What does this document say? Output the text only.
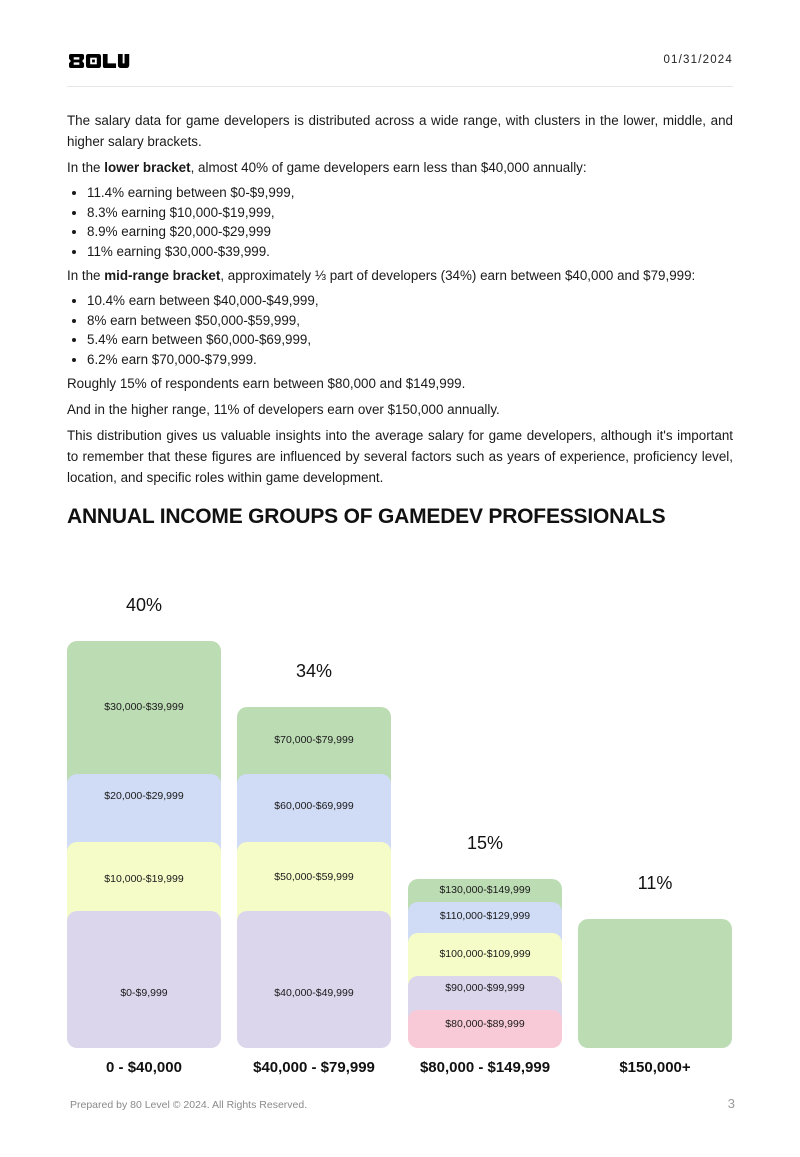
01/31/2024

The salary data for game developers is distributed across a wide range, with clusters in the lower, middle, and higher salary brackets.

In the lower bracket, almost 40% of game developers earn less than $40,000 annually:

• 11.4% earning between $0-$9,999,
• 8.3% earning $10,000-$19,999,
• 8.9% earning $20,000-$29,999
• 11% earning $30,000-$39,999.

In the mid-range bracket, approximately ⅓ part of developers (34%) earn between $40,000 and $79,999:

• 10.4% earn between $40,000-$49,999,
• 8% earn between $50,000-$59,999,
• 5.4% earn between $60,000-$69,999,
• 6.2% earn $70,000-$79,999.

Roughly 15% of respondents earn between $80,000 and $149,999.

And in the higher range, 11% of developers earn over $150,000 annually.

This distribution gives us valuable insights into the average salary for game developers, although it's important to remember that these figures are influenced by several factors such as years of experience, proficiency level, location, and specific roles within game development.

ANNUAL INCOME GROUPS OF GAMEDEV PROFESSIONALS
40%
$30,000-$39,999
$20,000-$29,999
$10,000-$19,999
$0-$9,999
0 - $40,000
34%
$70,000-$79,999
$60,000-$69,999
$50,000-$59,999
$40,000-$49,999
$40,000 - $79,999
15%
$130,000-$149,999
$110,000-$129,999
$100,000-$109,999
$90,000-$99,999
$80,000-$89,999
$80,000 - $149,999
11%
$150,000+
Prepared by 80 Level © 2024. All Rights Reserved.	3
